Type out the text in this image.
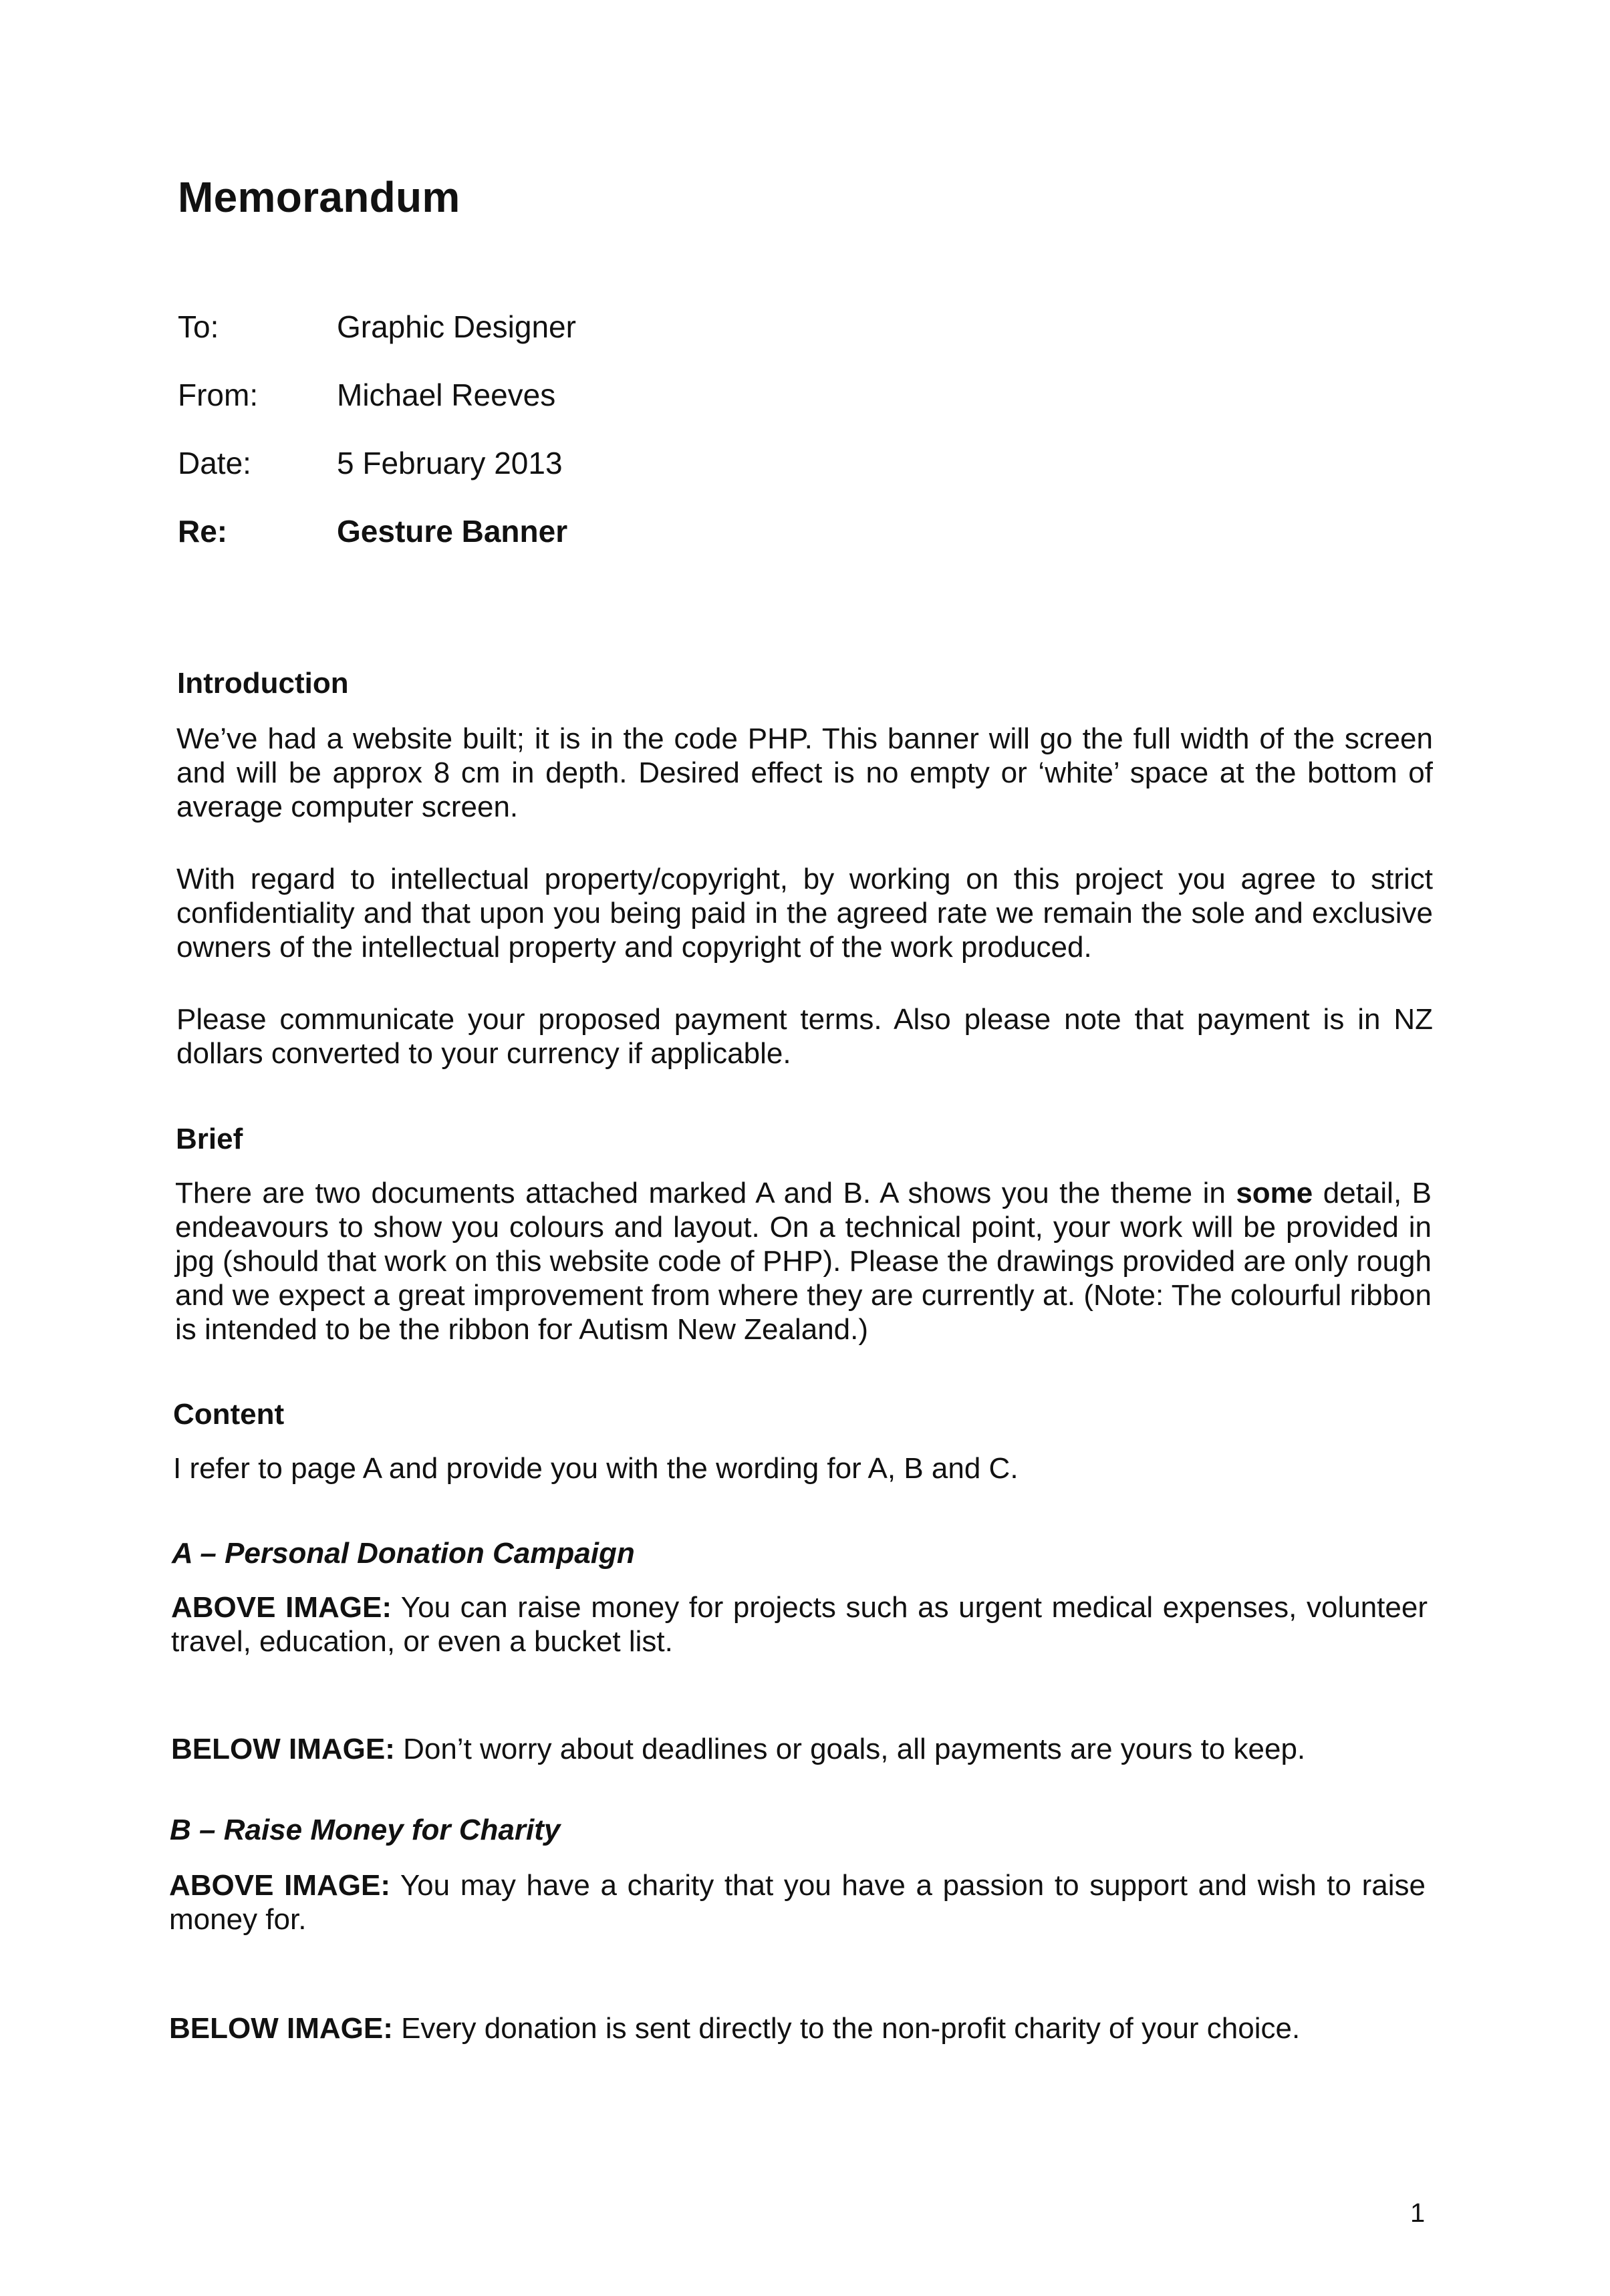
Memorandum
To:	Graphic Designer
From:	Michael Reeves
Date:	5 February 2013
Re:	Gesture Banner
Introduction

We’ve had a website built; it is in the code PHP. This banner will go the full width of the screen and will be approx 8 cm in depth. Desired effect is no empty or ‘white’ space at the bottom of average computer screen.

With regard to intellectual property/copyright, by working on this project you agree to strict confidentiality and that upon you being paid in the agreed rate we remain the sole and exclusive owners of the intellectual property and copyright of the work produced.

Please communicate your proposed payment terms. Also please note that payment is in NZ dollars converted to your currency if applicable.

Brief

There are two documents attached marked A and B. A shows you the theme in some detail, B endeavours to show you colours and layout. On a technical point, your work will be provided in jpg (should that work on this website code of PHP). Please the drawings provided are only rough and we expect a great improvement from where they are currently at. (Note: The colourful ribbon is intended to be the ribbon for Autism New Zealand.)

Content

I refer to page A and provide you with the wording for A, B and C.

A – Personal Donation Campaign

ABOVE IMAGE: You can raise money for projects such as urgent medical expenses, volunteer travel, education, or even a bucket list.

BELOW IMAGE: Don’t worry about deadlines or goals, all payments are yours to keep.

B – Raise Money for Charity

ABOVE IMAGE: You may have a charity that you have a passion to support and wish to raise money for.

BELOW IMAGE: Every donation is sent directly to the non-profit charity of your choice.

1
